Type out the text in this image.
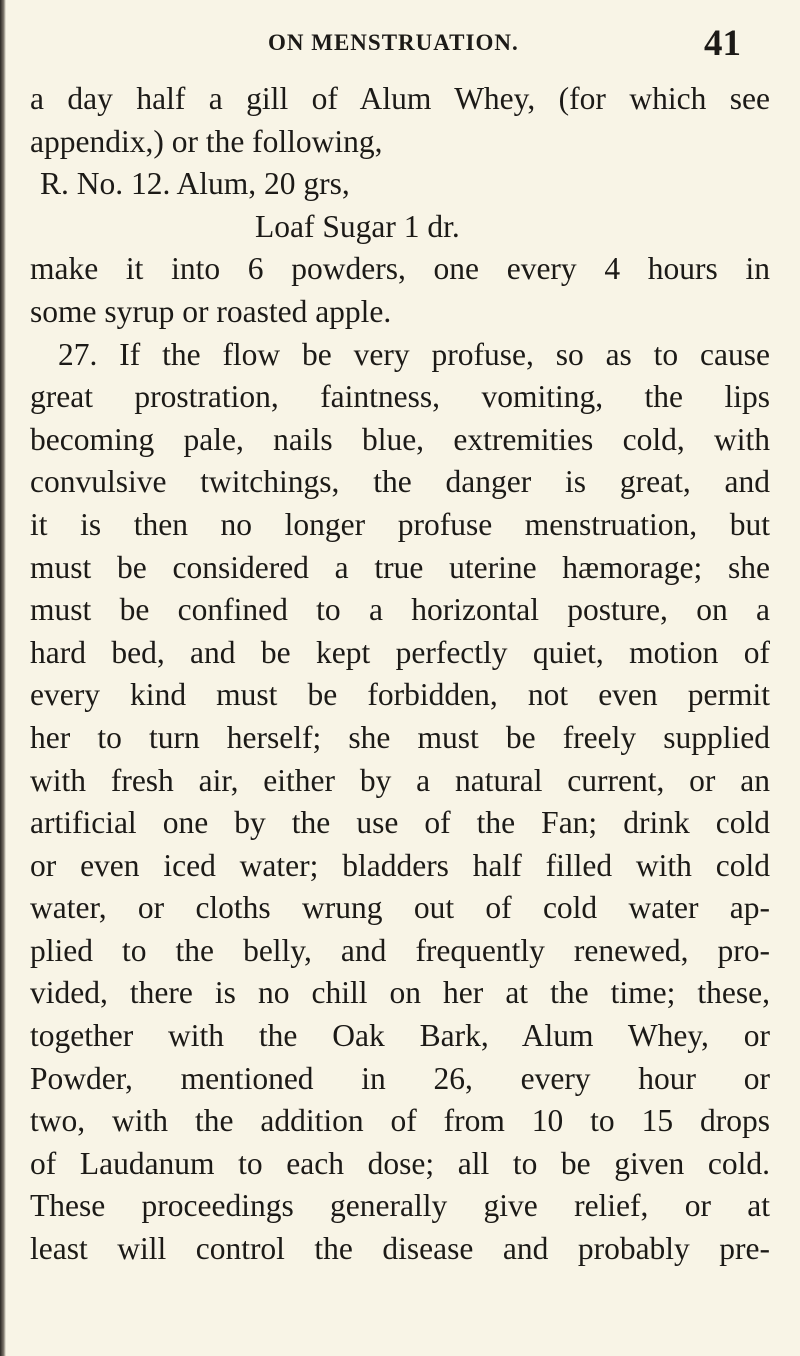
ON MENSTRUATION.	41
a day half a gill of Alum Whey, (for which see
appendix,) or the following,
R. No. 12. Alum, 20 grs,
Loaf Sugar 1 dr.
make it into 6 powders, one every 4 hours in
some syrup or roasted apple.
27. If the flow be very profuse, so as to cause
great prostration, faintness, vomiting, the lips
becoming pale, nails blue, extremities cold, with
convulsive twitchings, the danger is great, and
it is then no longer profuse menstruation, but
must be considered a true uterine hæmorage; she
must be confined to a horizontal posture, on a
hard bed, and be kept perfectly quiet, motion of
every kind must be forbidden, not even permit
her to turn herself; she must be freely supplied
with fresh air, either by a natural current, or an
artificial one by the use of the Fan; drink cold
or even iced water; bladders half filled with cold
water, or cloths wrung out of cold water ap-
plied to the belly, and frequently renewed, pro-
vided, there is no chill on her at the time; these,
together with the Oak Bark, Alum Whey, or
Powder, mentioned in 26, every hour or
two, with the addition of from 10 to 15 drops
of Laudanum to each dose; all to be given cold.
These proceedings generally give relief, or at
least will control the disease and probably pre-
